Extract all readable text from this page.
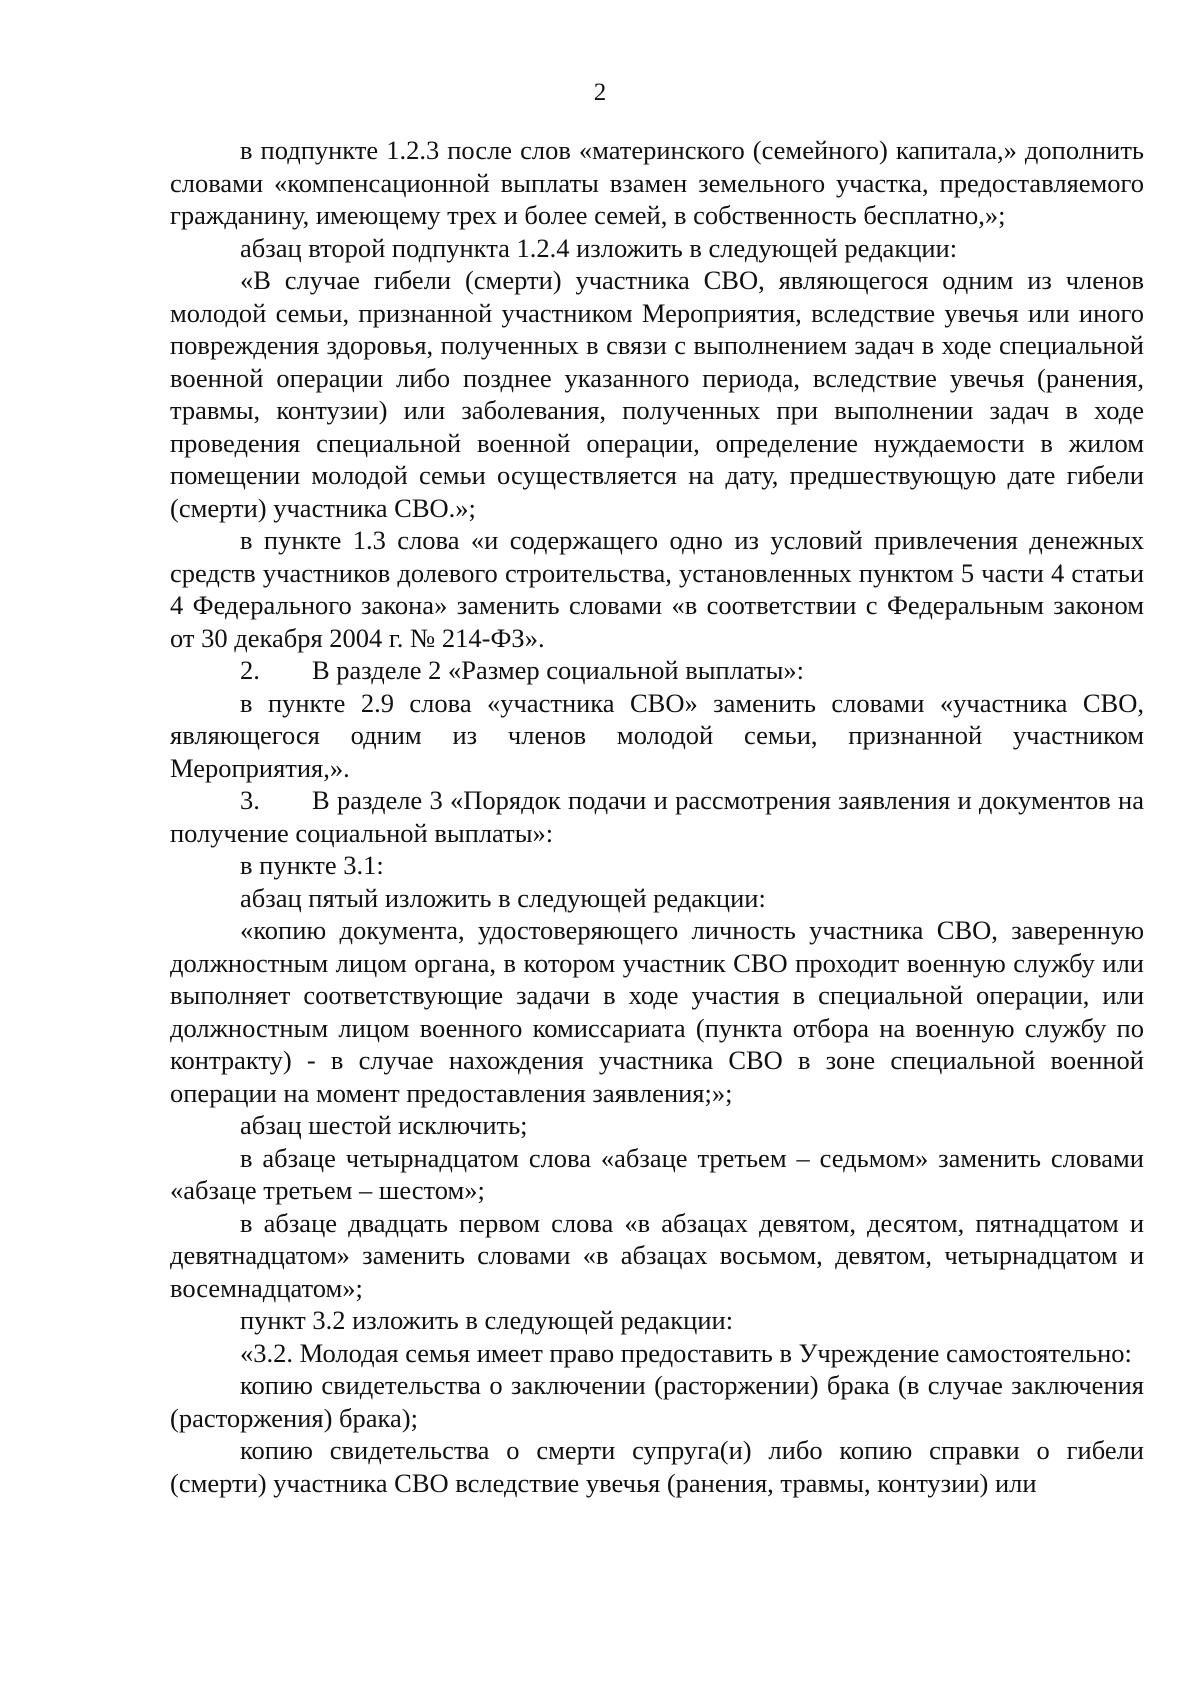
2

в подпункте 1.2.3 после слов «материнского (семейного) капитала,» дополнить словами «компенсационной выплаты взамен земельного участка, предоставляемого гражданину, имеющему трех и более семей, в собственность бесплатно,»;

абзац второй подпункта 1.2.4 изложить в следующей редакции:

«В случае гибели (смерти) участника СВО, являющегося одним из членов молодой семьи, признанной участником Мероприятия, вследствие увечья или иного повреждения здоровья, полученных в связи с выполнением задач в ходе специальной военной операции либо позднее указанного периода, вследствие увечья (ранения, травмы, контузии) или заболевания, полученных при выполнении задач в ходе проведения специальной военной операции, определение нуждаемости в жилом помещении молодой семьи осуществляется на дату, предшествующую дате гибели (смерти) участника СВО.»;

в пункте 1.3 слова «и содержащего одно из условий привлечения денежных средств участников долевого строительства, установленных пунктом 5 части 4 статьи 4 Федерального закона» заменить словами «в соответствии с Федеральным законом от 30 декабря 2004 г. № 214-ФЗ».

2. В разделе 2 «Размер социальной выплаты»:

в пункте 2.9 слова «участника СВО» заменить словами «участника СВО, являющегося одним из членов молодой семьи, признанной участником Мероприятия,».

3. В разделе 3 «Порядок подачи и рассмотрения заявления и документов на получение социальной выплаты»:

в пункте 3.1:

абзац пятый изложить в следующей редакции:

«копию документа, удостоверяющего личность участника СВО, заверенную должностным лицом органа, в котором участник СВО проходит военную службу или выполняет соответствующие задачи в ходе участия в специальной операции, или должностным лицом военного комиссариата (пункта отбора на военную службу по контракту) - в случае нахождения участника СВО в зоне специальной военной операции на момент предоставления заявления;»;

абзац шестой исключить;

в абзаце четырнадцатом слова «абзаце третьем – седьмом» заменить словами «абзаце третьем – шестом»;

в абзаце двадцать первом слова «в абзацах девятом, десятом, пятнадцатом и девятнадцатом» заменить словами «в абзацах восьмом, девятом, четырнадцатом и восемнадцатом»;

пункт 3.2 изложить в следующей редакции:

«3.2. Молодая семья имеет право предоставить в Учреждение самостоятельно:

копию свидетельства о заключении (расторжении) брака (в случае заключения (расторжения) брака);

копию свидетельства о смерти супруга(и) либо копию справки о гибели (смерти) участника СВО вследствие увечья (ранения, травмы, контузии) или
